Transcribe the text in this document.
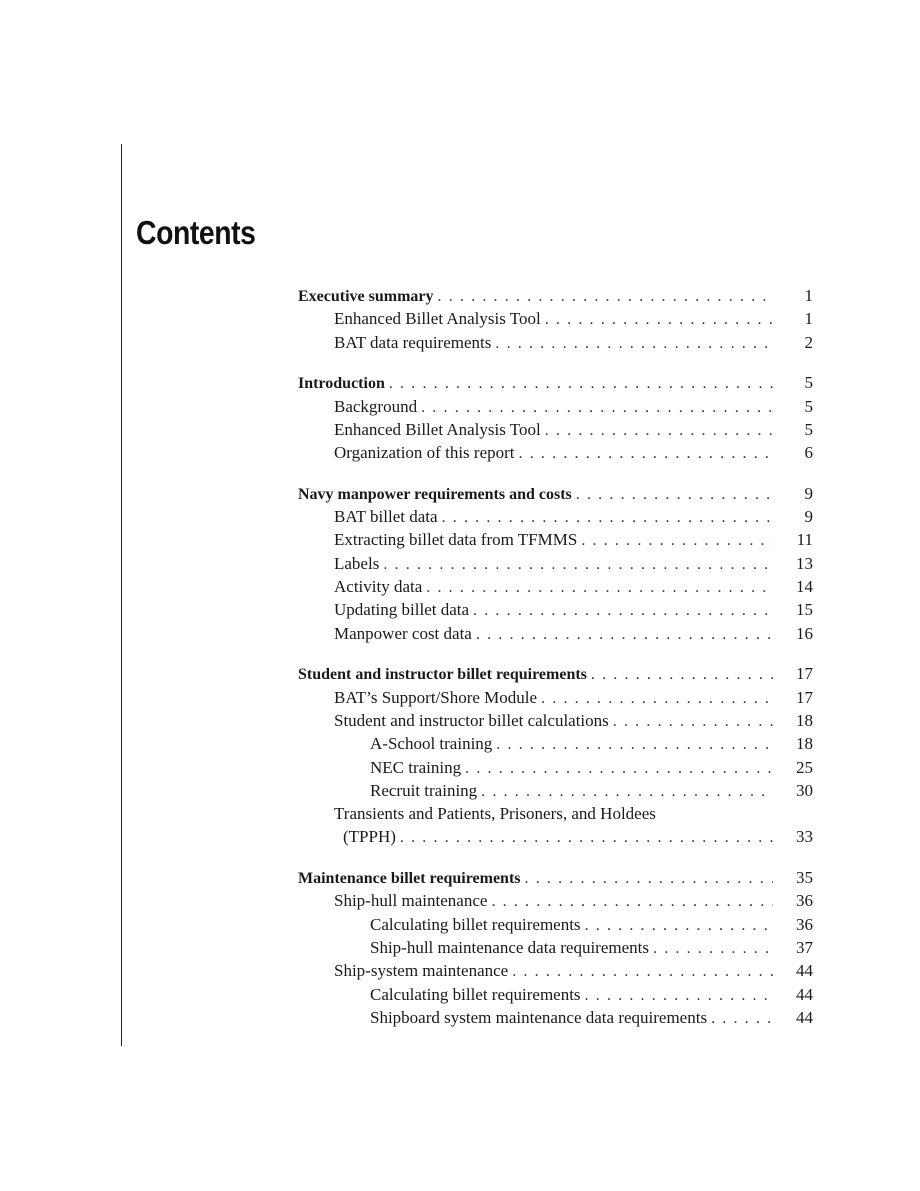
Contents
Executive summary . . .	1
Enhanced Billet Analysis Tool . . .	1
BAT data requirements . . .	2
Introduction . . .	5
Background . . .	5
Enhanced Billet Analysis Tool . . .	5
Organization of this report . . .	6
Navy manpower requirements and costs . . .	9
BAT billet data . . .	9
Extracting billet data from TFMMS . . .	11
Labels . . .	13
Activity data . . .	14
Updating billet data . . .	15
Manpower cost data . . .	16
Student and instructor billet requirements . . .	17
BAT’s Support/Shore Module . . .	17
Student and instructor billet calculations . . .	18
A-School training . . .	18
NEC training . . .	25
Recruit training . . .	30
Transients and Patients, Prisoners, and Holdees
(TPPH) . . .	33
Maintenance billet requirements . . .	35
Ship-hull maintenance . . .	36
Calculating billet requirements . . .	36
Ship-hull maintenance data requirements . . .	37
Ship-system maintenance . . .	44
Calculating billet requirements . . .	44
Shipboard system maintenance data requirements . . .	44
